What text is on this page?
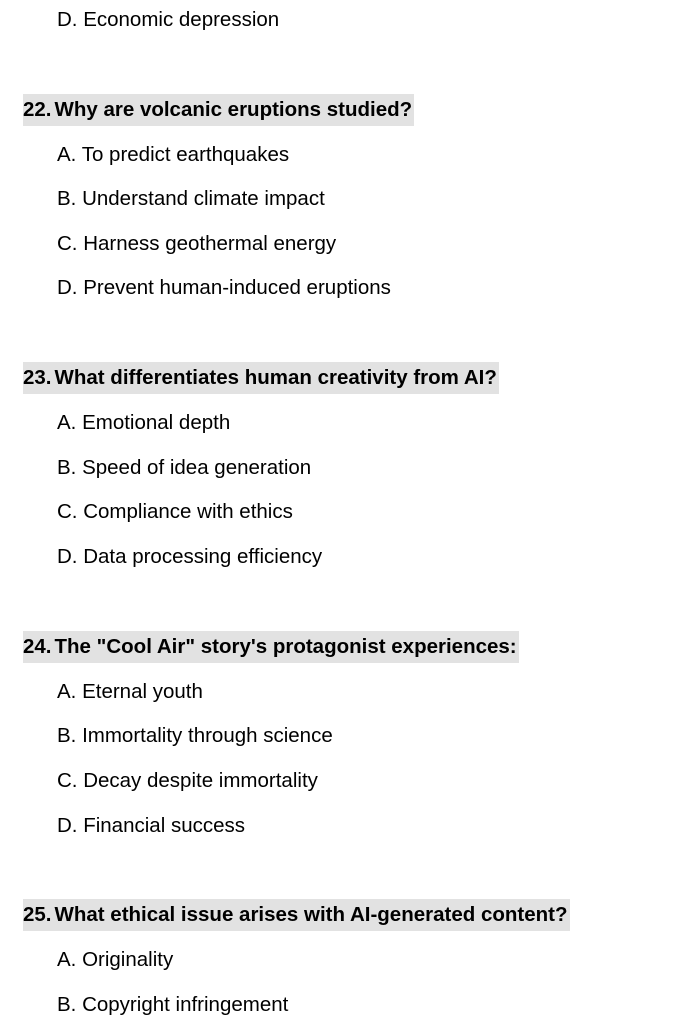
D. Economic depression
22. Why are volcanic eruptions studied?
A. To predict earthquakes
B. Understand climate impact
C. Harness geothermal energy
D. Prevent human-induced eruptions
23. What differentiates human creativity from AI?
A. Emotional depth
B. Speed of idea generation
C. Compliance with ethics
D. Data processing efficiency
24. The "Cool Air" story's protagonist experiences:
A. Eternal youth
B. Immortality through science
C. Decay despite immortality
D. Financial success
25. What ethical issue arises with AI-generated content?
A. Originality
B. Copyright infringement
